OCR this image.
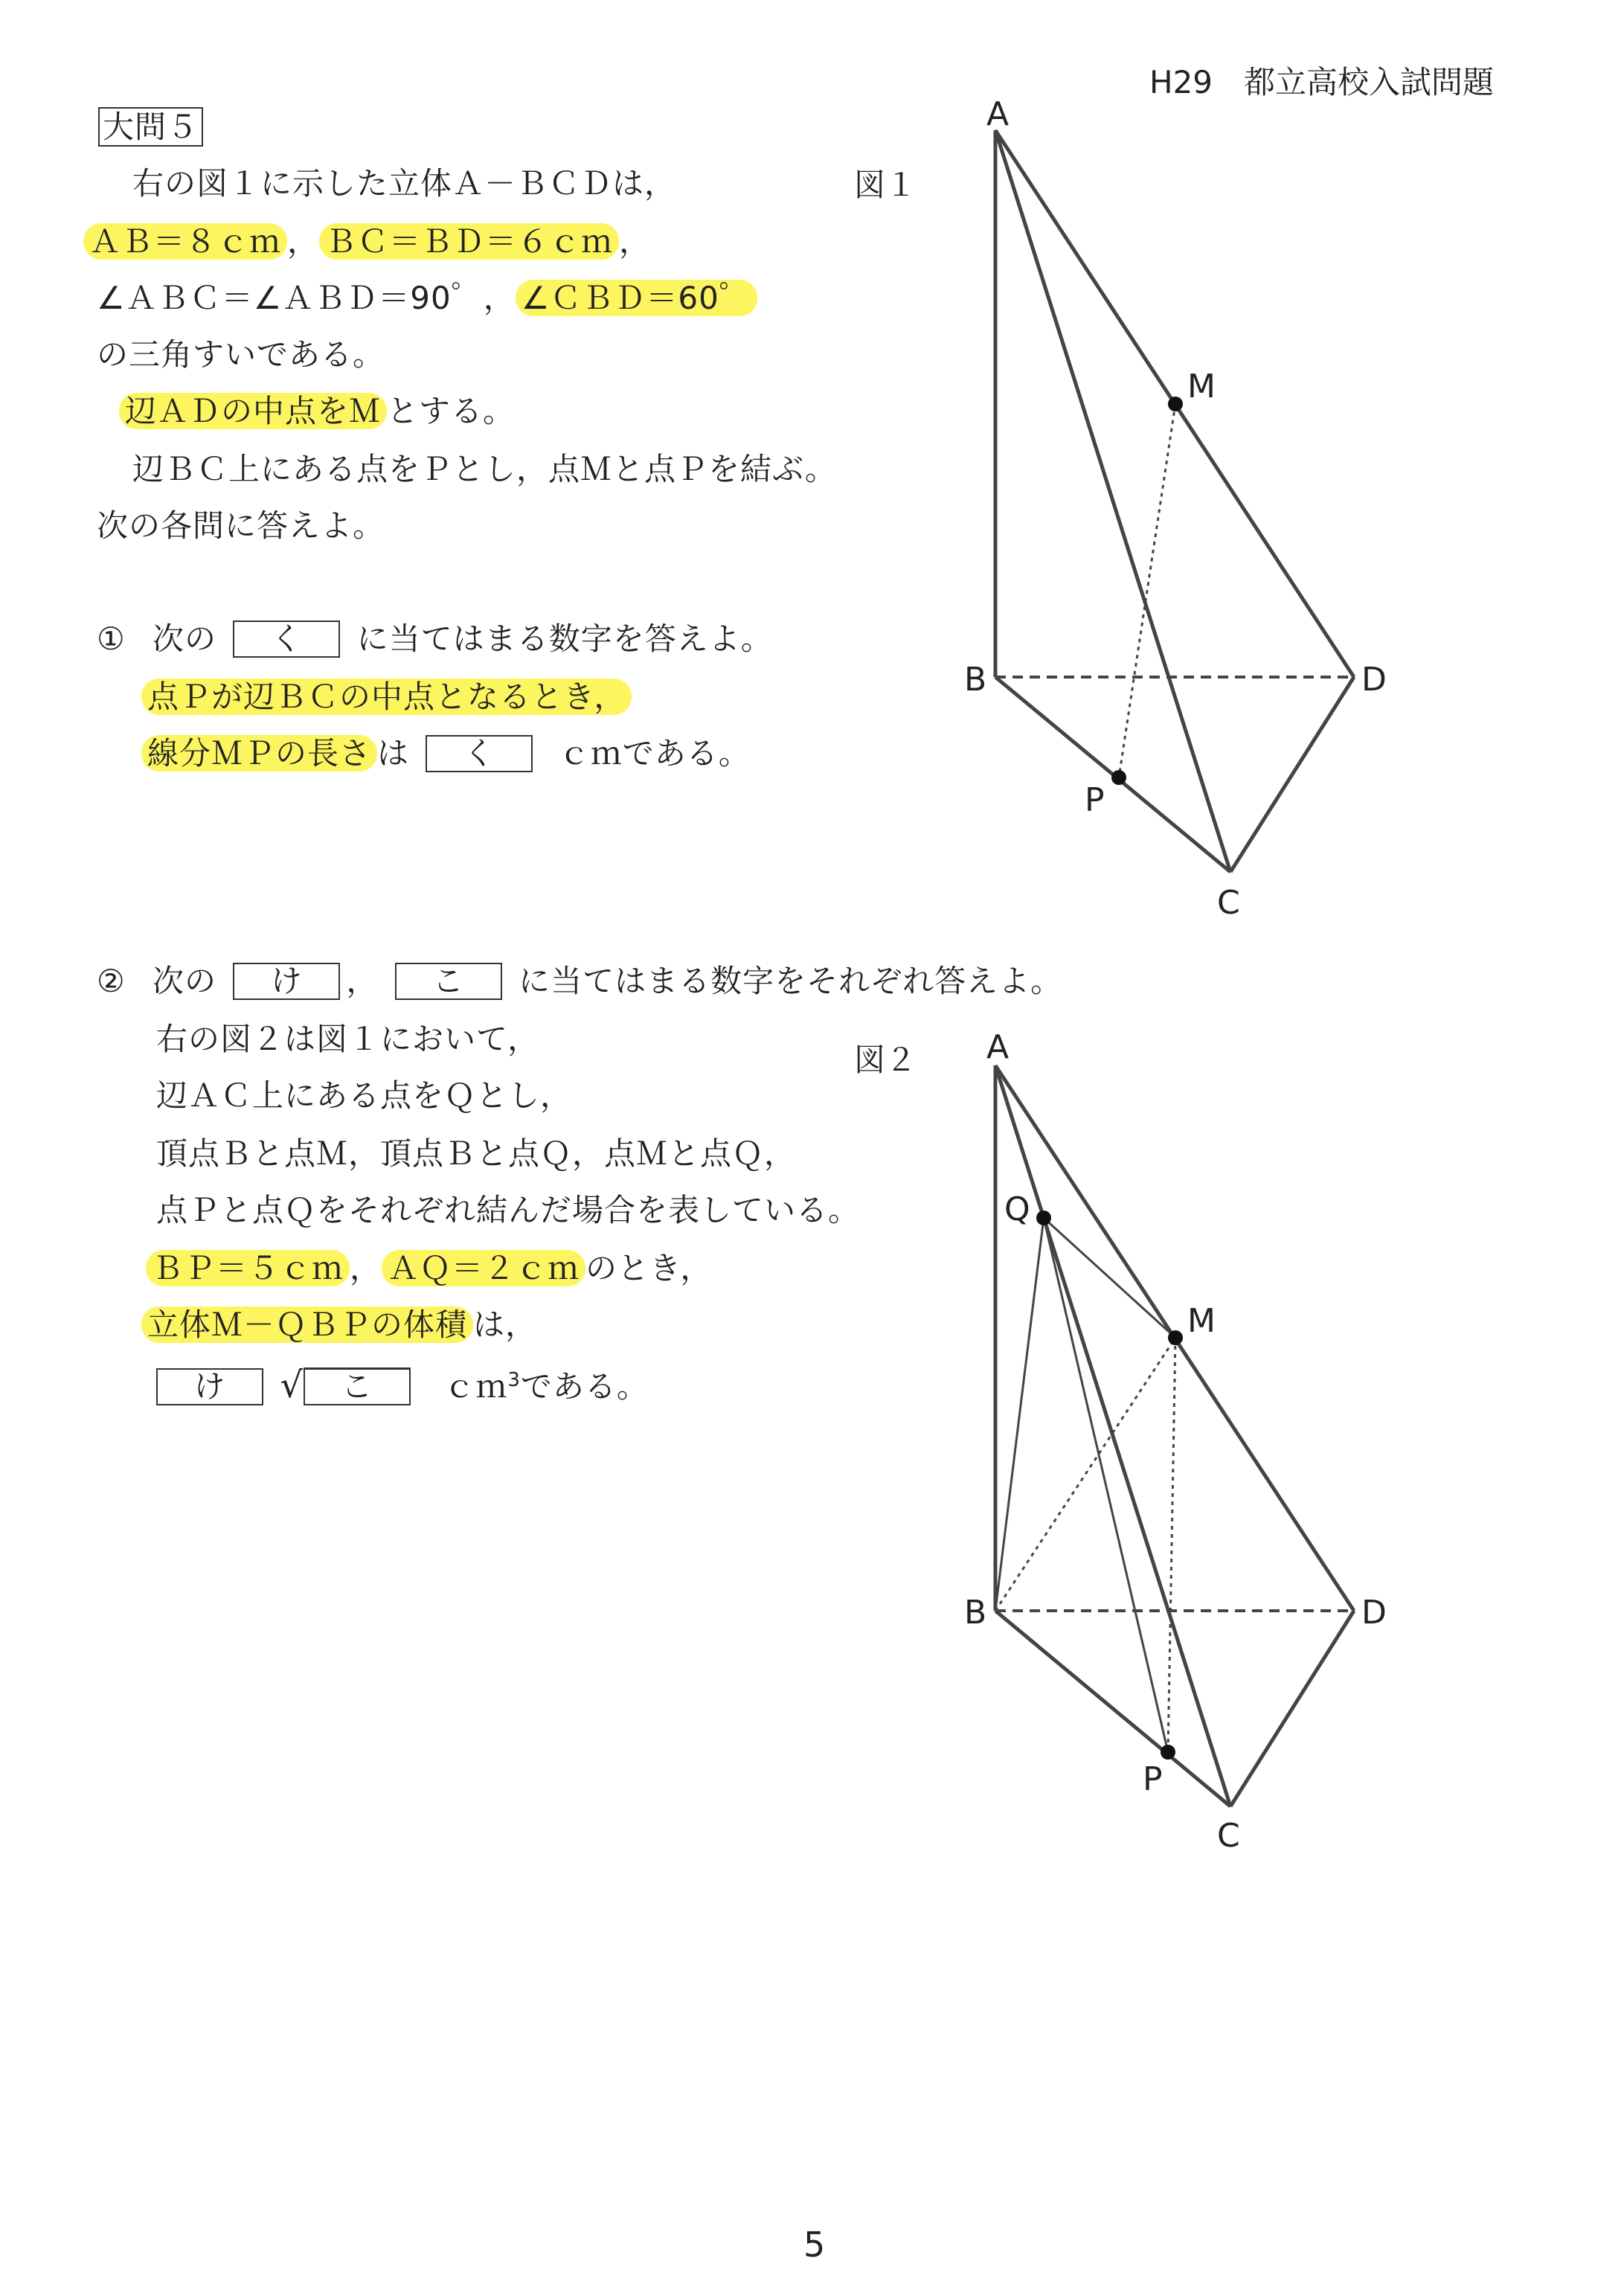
H29　都立高校入試問題
大問５
右の図１に示した立体Ａ－ＢＣＤは，
ＡＢ＝８ｃｍ ， ＢＣ＝ＢＤ＝６ｃｍ ，
∠ＡＢＣ＝∠ＡＢＤ＝90゜， ∠ＣＢＤ＝60゜
の三角すいである。
辺ＡＤの中点をＭ とする。
辺ＢＣ上にある点をＰとし，点Ｍと点Ｐを結ぶ。
次の各問に答えよ。
① 次の く に当てはまる数字を答えよ。
点Ｐが辺ＢＣの中点となるとき，
線分ＭＰの長さ は く ｃｍである。
図１
A
B
C
D
M
P
② 次の け ， こ に当てはまる数字をそれぞれ答えよ。
右の図２は図１において，
辺ＡＣ上にある点をＱとし，
頂点Ｂと点Ｍ，頂点Ｂと点Ｑ，点Ｍと点Ｑ，
点Ｐと点Ｑをそれぞれ結んだ場合を表している。
ＢＰ＝５ｃｍ ， ＡＱ＝２ｃｍ のとき，
立体Ｍ－ＱＢＰの体積 は，
け √ こ ｃｍ$^3$である。
図２ A
B
C
D
M
P
Q
5
